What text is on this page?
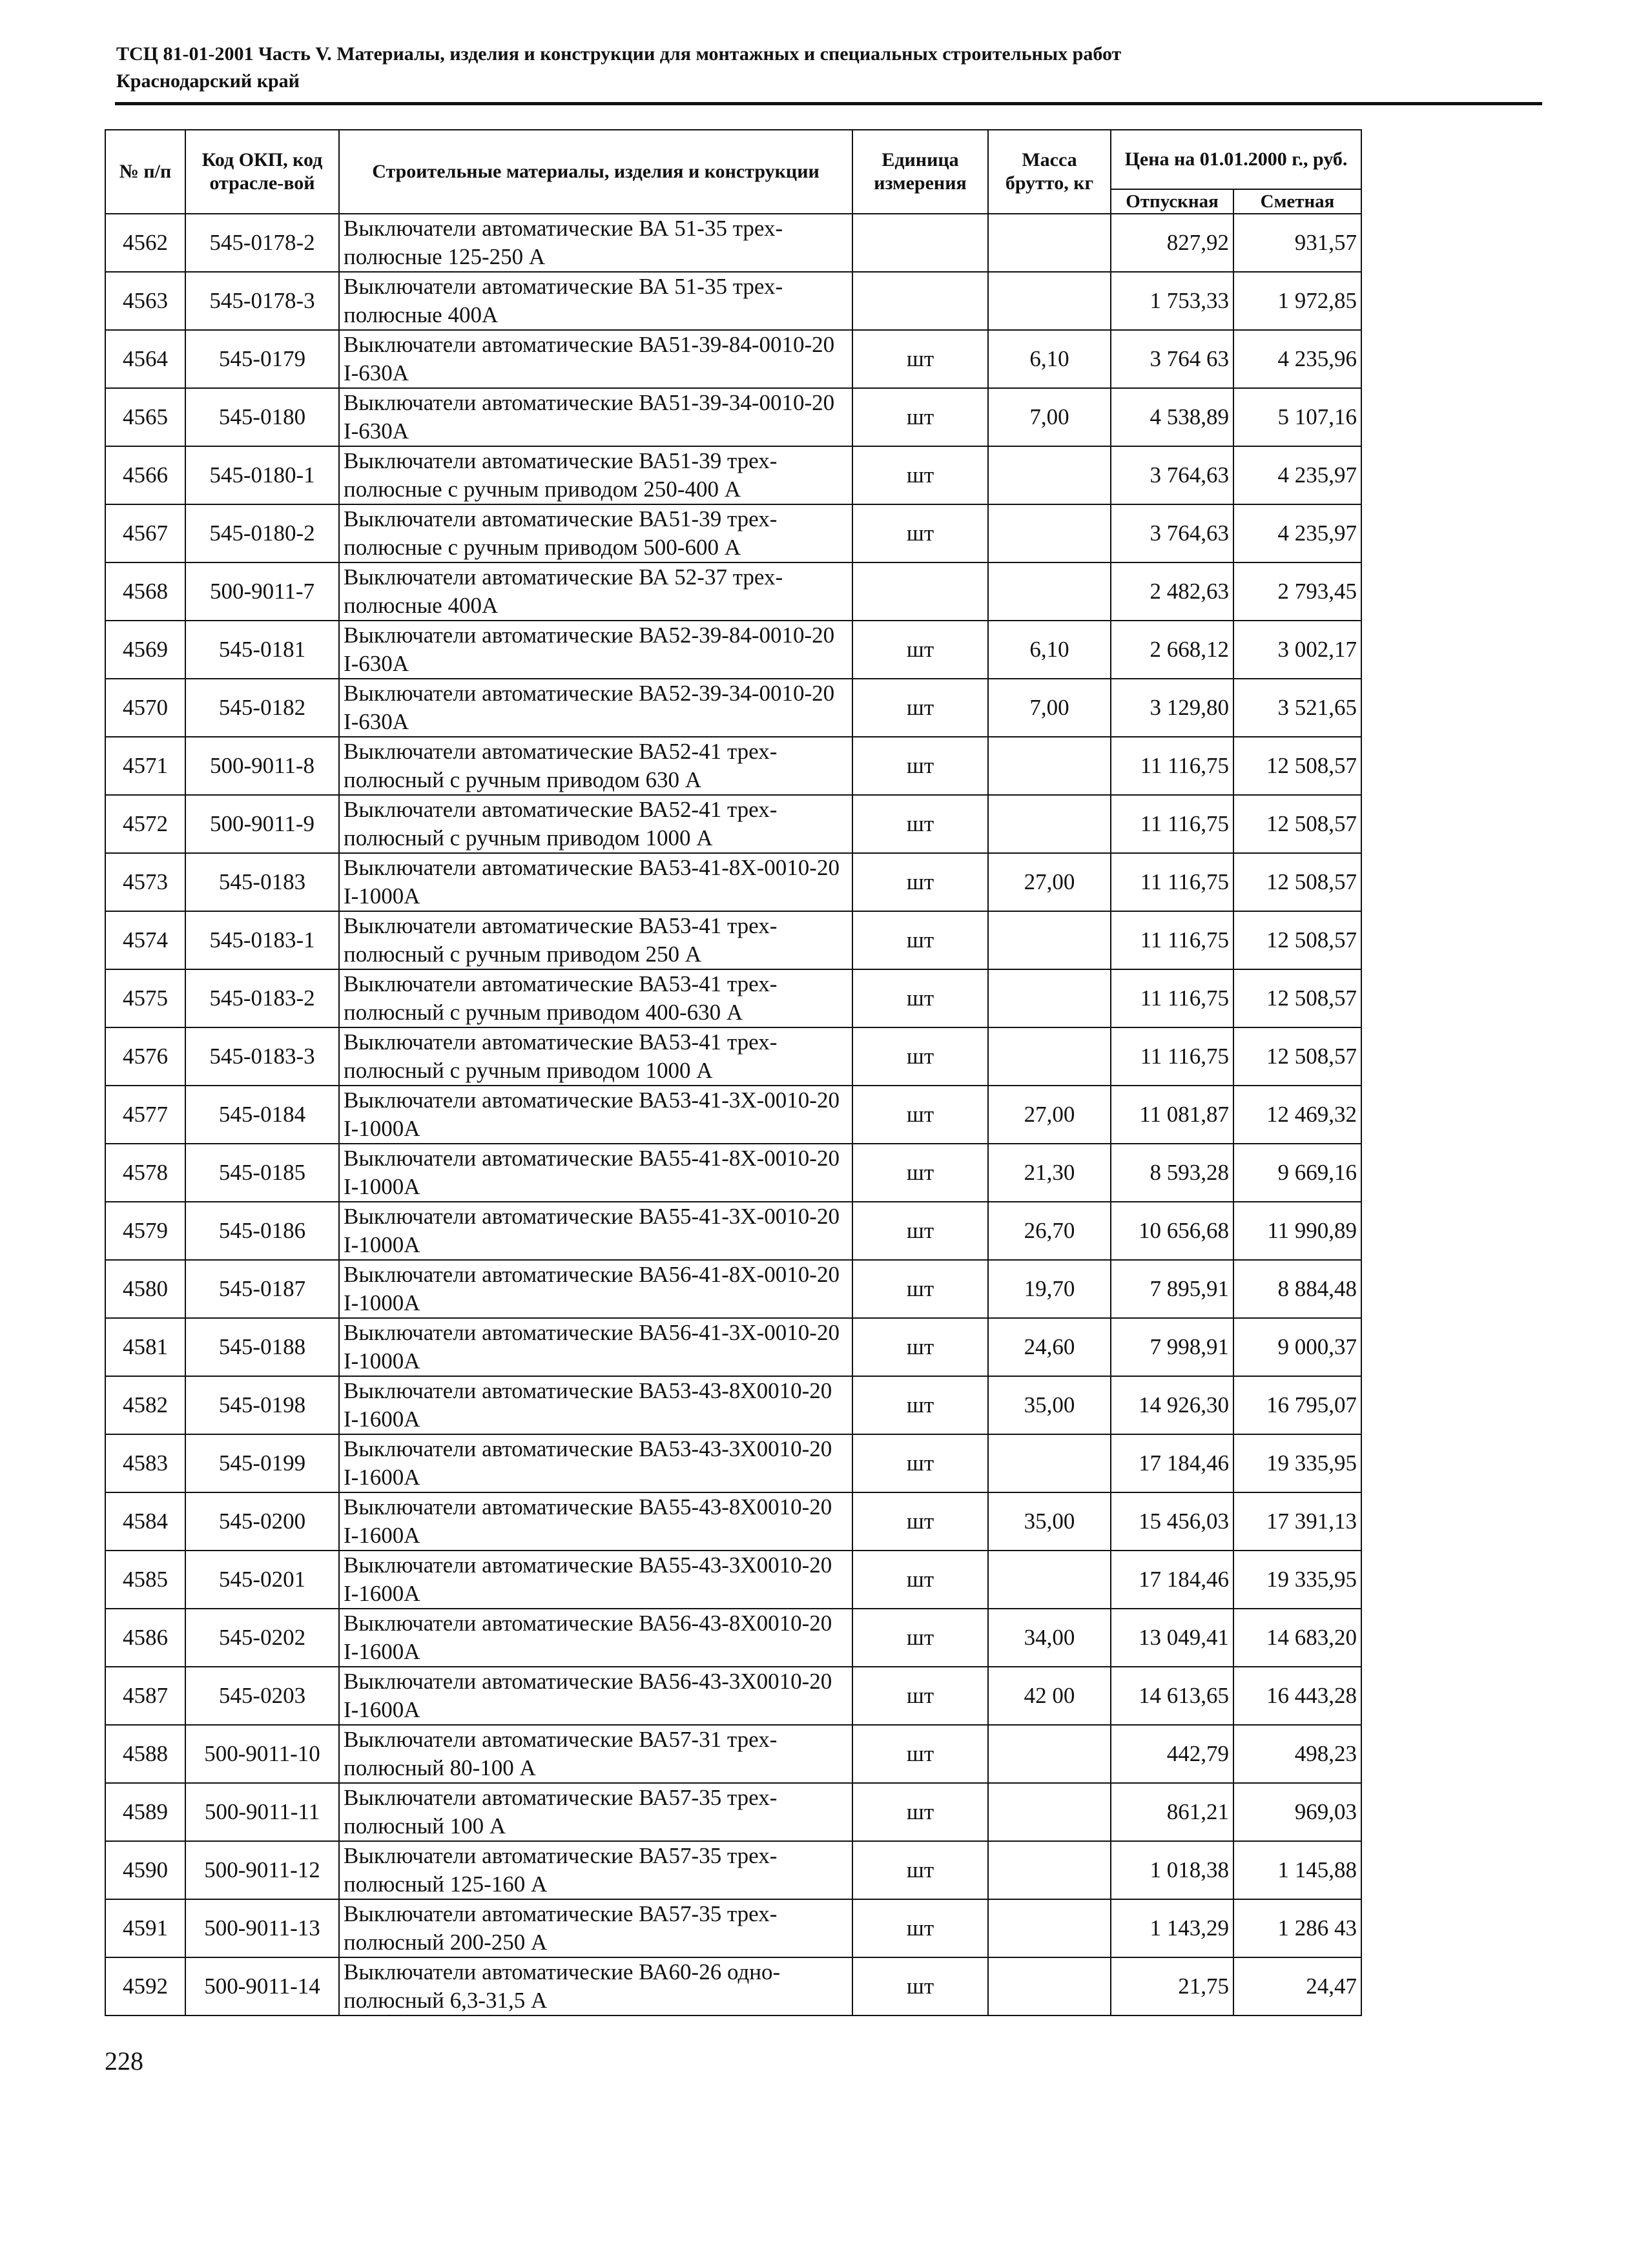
ТСЦ 81-01-2001 Часть V. Материалы, изделия и конструкции для монтажных и специальных строительных работ
Краснодарский край
№ п/п	Код ОКП, код отрасле-вой	Строительные материалы, изделия и конструкции	Единица измерения	Масса брутто, кг	Цена на 01.01.2000 г., руб.	
					Отпускная	Сметная
4562	545-0178-2	Выключатели автоматические ВА 51-35 трех-полюсные 125-250 А			827,92	931,57
4563	545-0178-3	Выключатели автоматические ВА 51-35 трех-полюсные 400А			1 753,33	1 972,85
4564	545-0179	Выключатели автоматические ВА51-39-84-0010-20 I-630А	шт	6,10	3 764 63	4 235,96
4565	545-0180	Выключатели автоматические ВА51-39-34-0010-20 I-630А	шт	7,00	4 538,89	5 107,16
4566	545-0180-1	Выключатели автоматические ВА51-39 трех-полюсные с ручным приводом 250-400 А	шт		3 764,63	4 235,97
4567	545-0180-2	Выключатели автоматические ВА51-39 трех-полюсные с ручным приводом 500-600 А	шт		3 764,63	4 235,97
4568	500-9011-7	Выключатели автоматические ВА 52-37 трех-полюсные 400А			2 482,63	2 793,45
4569	545-0181	Выключатели автоматические ВА52-39-84-0010-20 I-630А	шт	6,10	2 668,12	3 002,17
4570	545-0182	Выключатели автоматические ВА52-39-34-0010-20 I-630А	шт	7,00	3 129,80	3 521,65
4571	500-9011-8	Выключатели автоматические ВА52-41 трех-полюсный с ручным приводом 630 А	шт		11 116,75	12 508,57
4572	500-9011-9	Выключатели автоматические ВА52-41 трех-полюсный с ручным приводом 1000 А	шт		11 116,75	12 508,57
4573	545-0183	Выключатели автоматические ВА53-41-8Х-0010-20 I-1000А	шт	27,00	11 116,75	12 508,57
4574	545-0183-1	Выключатели автоматические ВА53-41 трех-полюсный с ручным приводом 250 А	шт		11 116,75	12 508,57
4575	545-0183-2	Выключатели автоматические ВА53-41 трех-полюсный с ручным приводом 400-630 А	шт		11 116,75	12 508,57
4576	545-0183-3	Выключатели автоматические ВА53-41 трех-полюсный с ручным приводом 1000 А	шт		11 116,75	12 508,57
4577	545-0184	Выключатели автоматические ВА53-41-3Х-0010-20 I-1000А	шт	27,00	11 081,87	12 469,32
4578	545-0185	Выключатели автоматические ВА55-41-8Х-0010-20 I-1000А	шт	21,30	8 593,28	9 669,16
4579	545-0186	Выключатели автоматические ВА55-41-3Х-0010-20 I-1000А	шт	26,70	10 656,68	11 990,89
4580	545-0187	Выключатели автоматические ВА56-41-8Х-0010-20 I-1000А	шт	19,70	7 895,91	8 884,48
4581	545-0188	Выключатели автоматические ВА56-41-3Х-0010-20 I-1000А	шт	24,60	7 998,91	9 000,37
4582	545-0198	Выключатели автоматические ВА53-43-8Х0010-20 I-1600А	шт	35,00	14 926,30	16 795,07
4583	545-0199	Выключатели автоматические ВА53-43-3Х0010-20 I-1600А	шт		17 184,46	19 335,95
4584	545-0200	Выключатели автоматические ВА55-43-8Х0010-20 I-1600А	шт	35,00	15 456,03	17 391,13
4585	545-0201	Выключатели автоматические ВА55-43-3Х0010-20 I-1600А	шт		17 184,46	19 335,95
4586	545-0202	Выключатели автоматические ВА56-43-8Х0010-20 I-1600А	шт	34,00	13 049,41	14 683,20
4587	545-0203	Выключатели автоматические ВА56-43-3Х0010-20 I-1600А	шт	42 00	14 613,65	16 443,28
4588	500-9011-10	Выключатели автоматические ВА57-31 трех-полюсный 80-100 А	шт		442,79	498,23
4589	500-9011-11	Выключатели автоматические ВА57-35 трех-полюсный 100 А	шт		861,21	969,03
4590	500-9011-12	Выключатели автоматические ВА57-35 трех-полюсный 125-160 А	шт		1 018,38	1 145,88
4591	500-9011-13	Выключатели автоматические ВА57-35 трех-полюсный 200-250 А	шт		1 143,29	1 286 43
4592	500-9011-14	Выключатели автоматические ВА60-26 одно-полюсный 6,3-31,5 А	шт		21,75	24,47
228
